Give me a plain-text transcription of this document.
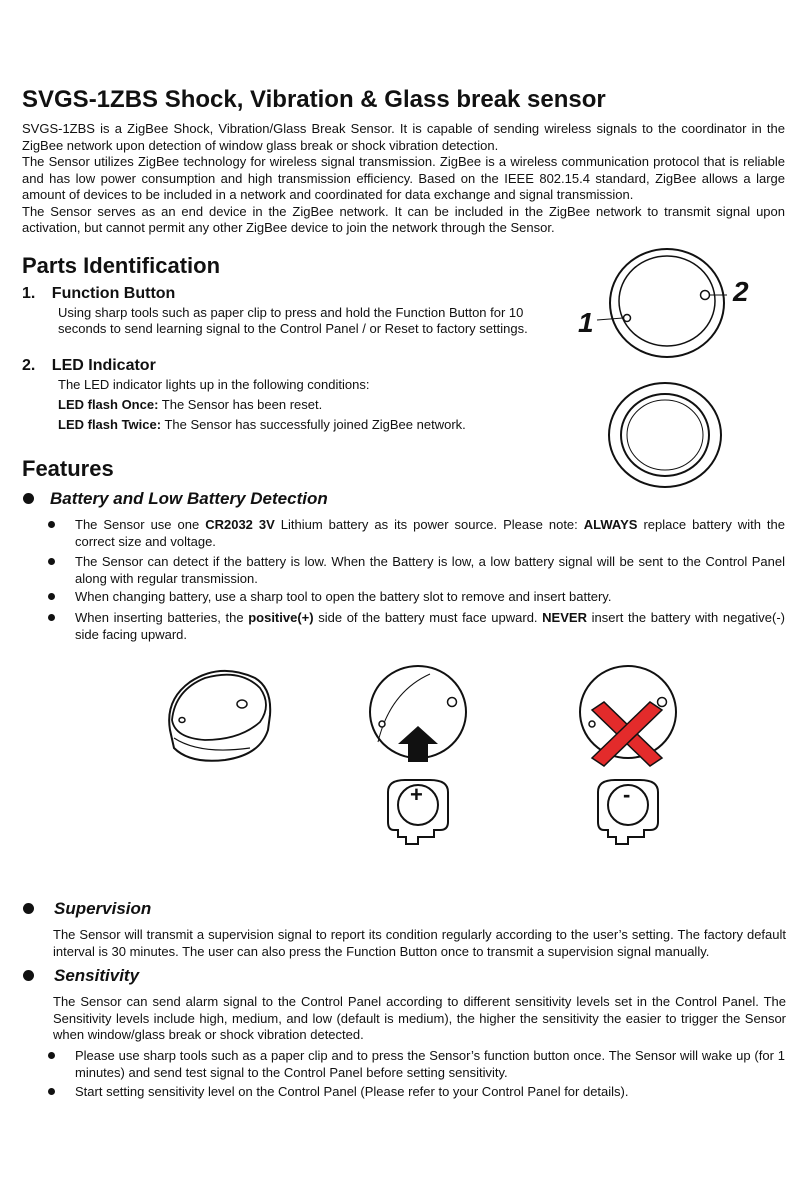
SVGS-1ZBS Shock, Vibration & Glass break sensor

SVGS-1ZBS is a ZigBee Shock, Vibration/Glass Break Sensor. It is capable of sending wireless signals to the coordinator in the ZigBee network upon detection of window glass break or shock vibration detection.

The Sensor utilizes ZigBee technology for wireless signal transmission. ZigBee is a wireless communication protocol that is reliable and has low power consumption and high transmission efficiency. Based on the IEEE 802.15.4 standard, ZigBee allows a large amount of devices to be included in a network and coordinated for data exchange and signal transmission.

The Sensor serves as an end device in the ZigBee network. It can be included in the ZigBee network to transmit signal upon activation, but cannot permit any other ZigBee device to join the network through the Sensor.

Parts Identification
1. Function Button
Using sharp tools such as paper clip to press and hold the Function Button for 10 seconds to send learning signal to the Control Panel / or Reset to factory settings.
2. LED Indicator
The LED indicator lights up in the following conditions:
LED flash Once: The Sensor has been reset.
LED flash Twice: The Sensor has successfully joined ZigBee network.
2
1
Features
Battery and Low Battery Detection
The Sensor use one CR2032 3V Lithium battery as its power source. Please note: ALWAYS replace battery with the correct size and voltage.
The Sensor can detect if the battery is low. When the Battery is low, a low battery signal will be sent to the Control Panel along with regular transmission.
When changing battery, use a sharp tool to open the battery slot to remove and insert battery.
When inserting batteries, the positive(+) side of the battery must face upward. NEVER insert the battery with negative(-) side facing upward.
+	-
Supervision
The Sensor will transmit a supervision signal to report its condition regularly according to the user’s setting. The factory default interval is 30 minutes. The user can also press the Function Button once to transmit a supervision signal manually.
Sensitivity
The Sensor can send alarm signal to the Control Panel according to different sensitivity levels set in the Control Panel. The Sensitivity levels include high, medium, and low (default is medium), the higher the sensitivity the easier to trigger the Sensor when window/glass break or shock vibration detected.
Please use sharp tools such as a paper clip and to press the Sensor’s function button once. The Sensor will wake up (for 1 minutes) and send test signal to the Control Panel before setting sensitivity.
Start setting sensitivity level on the Control Panel (Please refer to your Control Panel for details).
